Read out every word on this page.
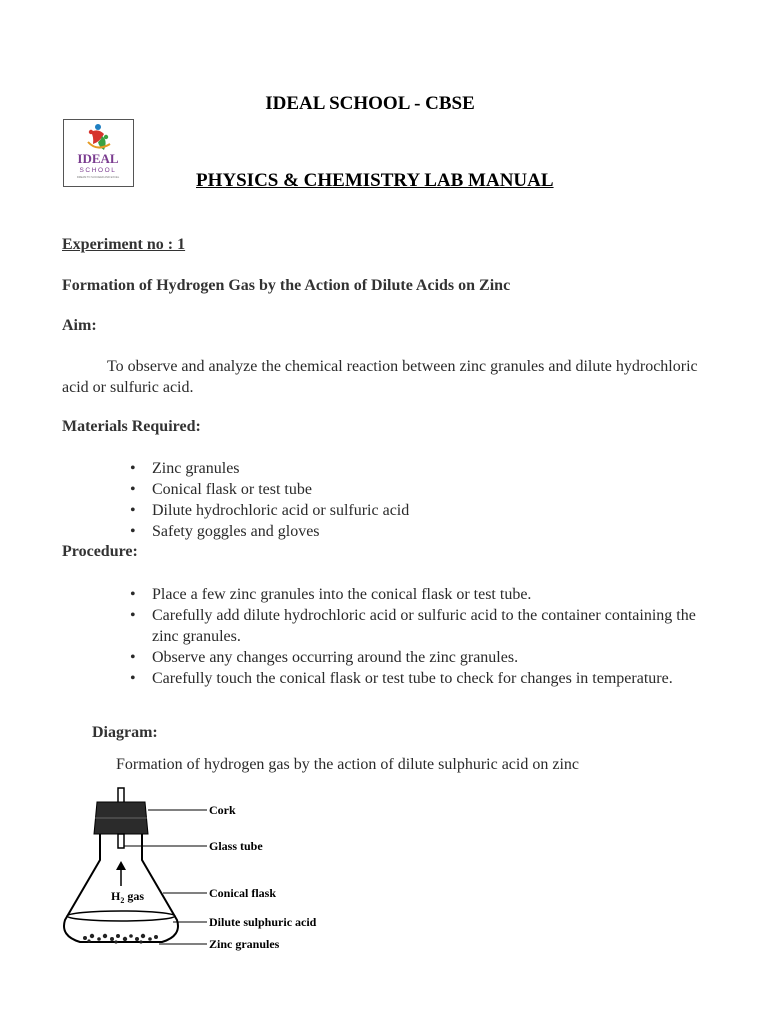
IDEAL SCHOOL - CBSE
IDEAL
SCHOOL
DREAM TO SUCCEED AND EXCEL	PHYSICS & CHEMISTRY LAB MANUAL
Experiment no : 1
Formation of Hydrogen Gas by the Action of Dilute Acids on Zinc
Aim:
To observe and analyze the chemical reaction between zinc granules and dilute hydrochloric acid or sulfuric acid.
Materials Required:
• Zinc granules
• Conical flask or test tube
• Dilute hydrochloric acid or sulfuric acid
• Safety goggles and gloves
Procedure:
• Place a few zinc granules into the conical flask or test tube.
• Carefully add dilute hydrochloric acid or sulfuric acid to the container containing the zinc granules.
• Observe any changes occurring around the zinc granules.
• Carefully touch the conical flask or test tube to check for changes in temperature.
Diagram:
Formation of hydrogen gas by the action of dilute sulphuric acid on zinc
$H_2$ gas
Cork
Glass tube
Conical flask
Dilute sulphuric acid
Zinc granules
